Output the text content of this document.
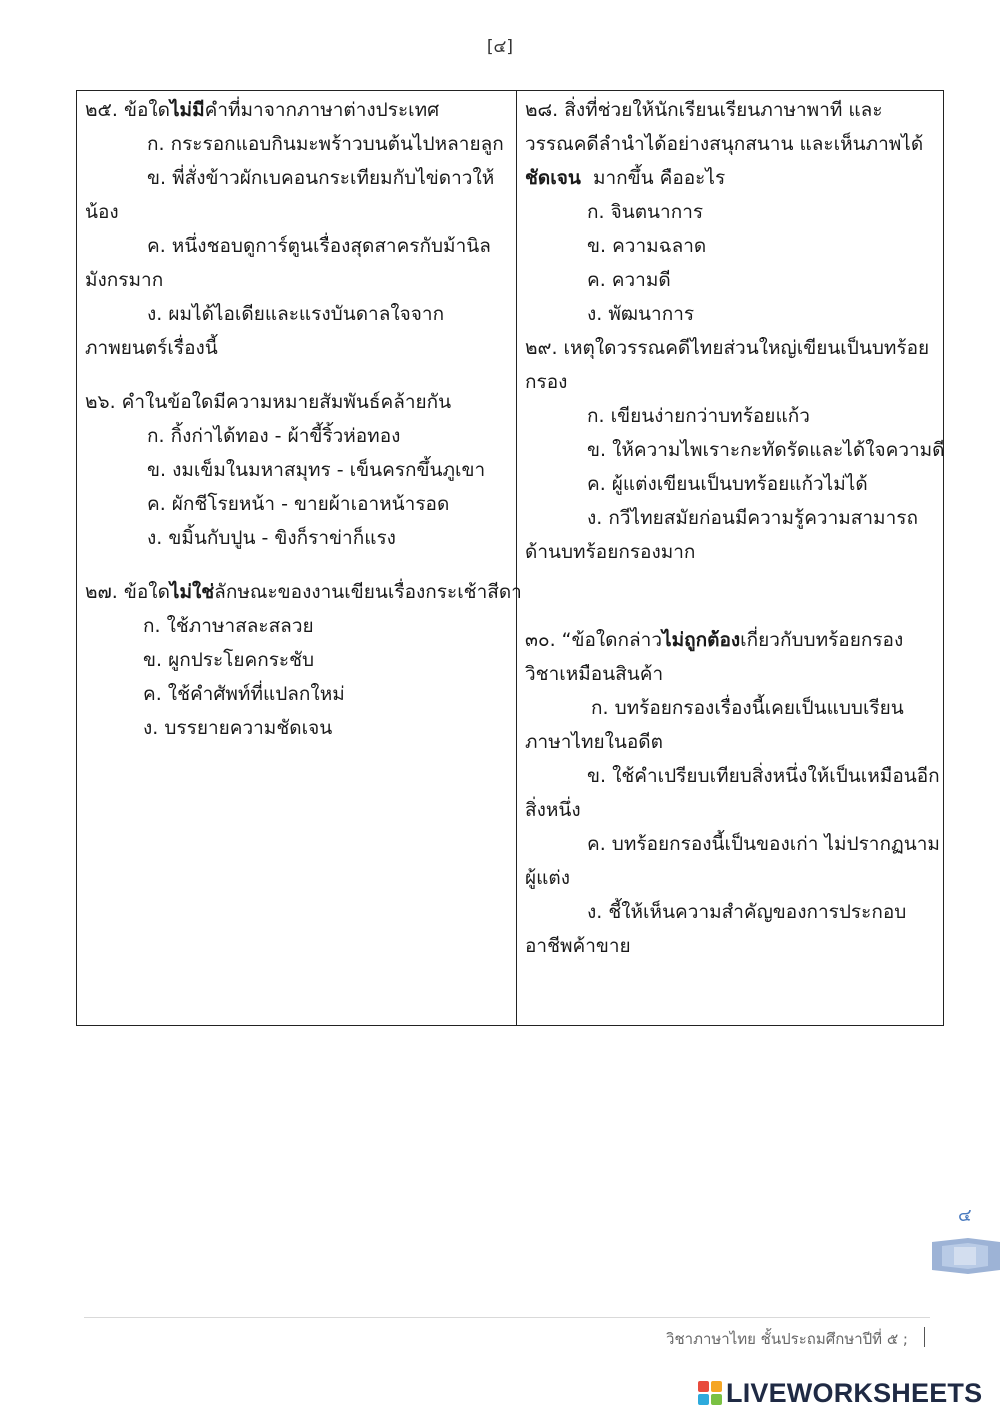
[๔]
๒๕. ข้อใดไม่มีคำที่มาจากภาษาต่างประเทศ
ก. กระรอกแอบกินมะพร้าวบนต้นไปหลายลูก
ข. พี่สั่งข้าวผักเบคอนกระเทียมกับไข่ดาวให้
น้อง
ค. หนึ่งชอบดูการ์ตูนเรื่องสุดสาครกับม้านิล
มังกรมาก
ง. ผมได้ไอเดียและแรงบันดาลใจจาก
ภาพยนตร์เรื่องนี้
๒๖. คำในข้อใดมีความหมายสัมพันธ์คล้ายกัน
ก. กิ้งก่าได้ทอง - ผ้าขี้ริ้วห่อทอง
ข. งมเข็มในมหาสมุทร - เข็นครกขึ้นภูเขา
ค. ผักชีโรยหน้า - ขายผ้าเอาหน้ารอด
ง. ขมิ้นกับปูน - ขิงก็ราข่าก็แรง
๒๗. ข้อใดไม่ใช่ลักษณะของงานเขียนเรื่องกระเช้าสีดา
ก. ใช้ภาษาสละสลวย
ข. ผูกประโยคกระชับ
ค. ใช้คำศัพท์ที่แปลกใหม่
ง. บรรยายความชัดเจน
๒๘. สิ่งที่ช่วยให้นักเรียนเรียนภาษาพาที และ
วรรณคดีลำนำได้อย่างสนุกสนาน และเห็นภาพได้
ชัดเจน  มากขึ้น คืออะไร
ก. จินตนาการ
ข. ความฉลาด
ค. ความดี
ง. พัฒนาการ
๒๙. เหตุใดวรรณคดีไทยส่วนใหญ่เขียนเป็นบทร้อย
กรอง
ก. เขียนง่ายกว่าบทร้อยแก้ว
ข. ให้ความไพเราะกะทัดรัดและได้ใจความดี
ค. ผู้แต่งเขียนเป็นบทร้อยแก้วไม่ได้
ง. กวีไทยสมัยก่อนมีความรู้ความสามารถ
ด้านบทร้อยกรองมาก
๓๐. “ข้อใดกล่าวไม่ถูกต้องเกี่ยวกับบทร้อยกรอง
วิชาเหมือนสินค้า
ก. บทร้อยกรองเรื่องนี้เคยเป็นแบบเรียน
ภาษาไทยในอดีต
ข. ใช้คำเปรียบเทียบสิ่งหนึ่งให้เป็นเหมือนอีก
สิ่งหนึ่ง
ค. บทร้อยกรองนี้เป็นของเก่า ไม่ปรากฏนาม
ผู้แต่ง
ง. ชี้ให้เห็นความสำคัญของการประกอบ
อาชีพค้าขาย
๔
วิชาภาษาไทย ชั้นประถมศึกษาปีที่ ๕ ;
LIVEWORKSHEETS
